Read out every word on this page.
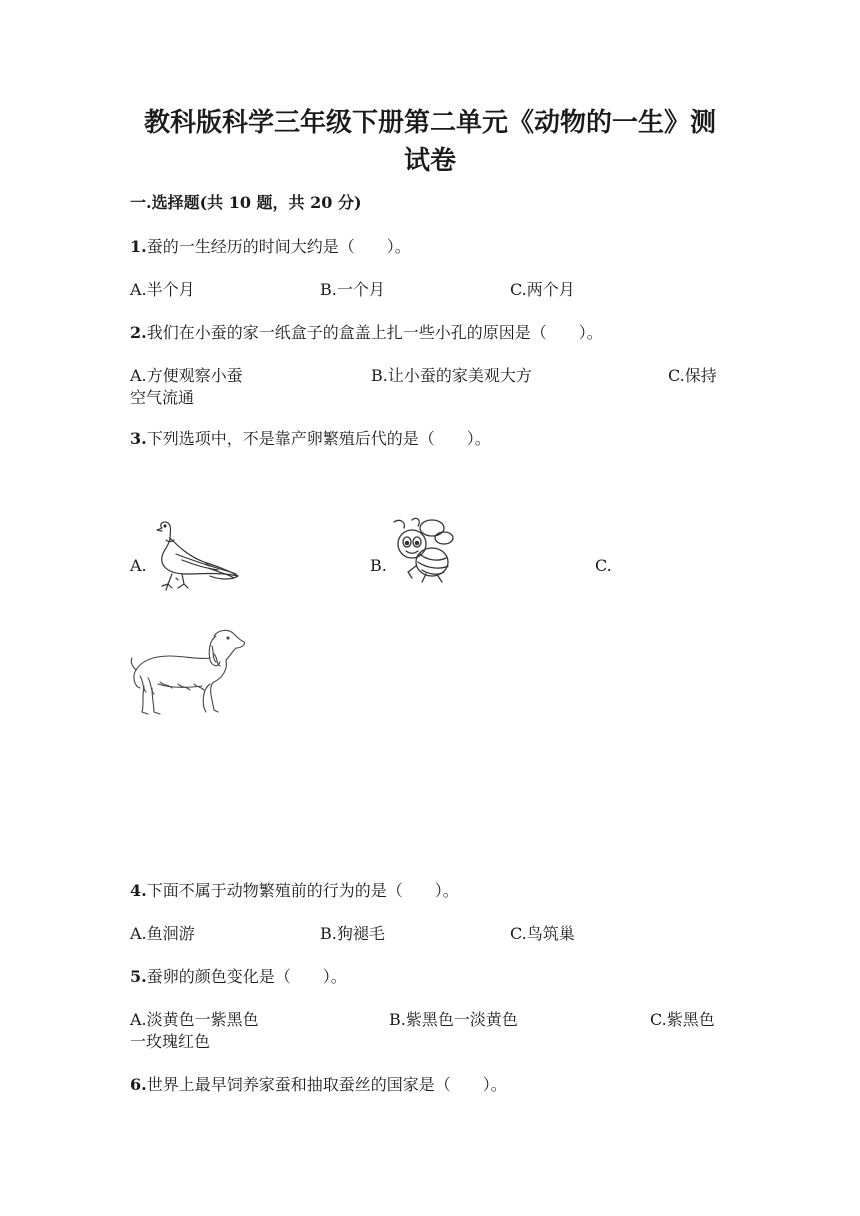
教科版科学三年级下册第二单元《动物的一生》测
试卷
一.选择题(共 10 题，共 20 分)
1.蚕的一生经历的时间大约是（　　）。
A.半个月	B.一个月	C.两个月
2.我们在小蚕的家一纸盒子的盒盖上扎一些小孔的原因是（　　）。
A.方便观察小蚕	B.让小蚕的家美观大方	C.保持
空气流通
3.下列选项中，不是靠产卵繁殖后代的是（　　）。
A.	B.	C.
4.下面不属于动物繁殖前的行为的是（　　）。
A.鱼洄游	B.狗褪毛	C.鸟筑巢
5.蚕卵的颜色变化是（　　）。
A.淡黄色一紫黑色	B.紫黑色一淡黄色	C.紫黑色
一玫瑰红色
6.世界上最早饲养家蚕和抽取蚕丝的国家是（　　）。
